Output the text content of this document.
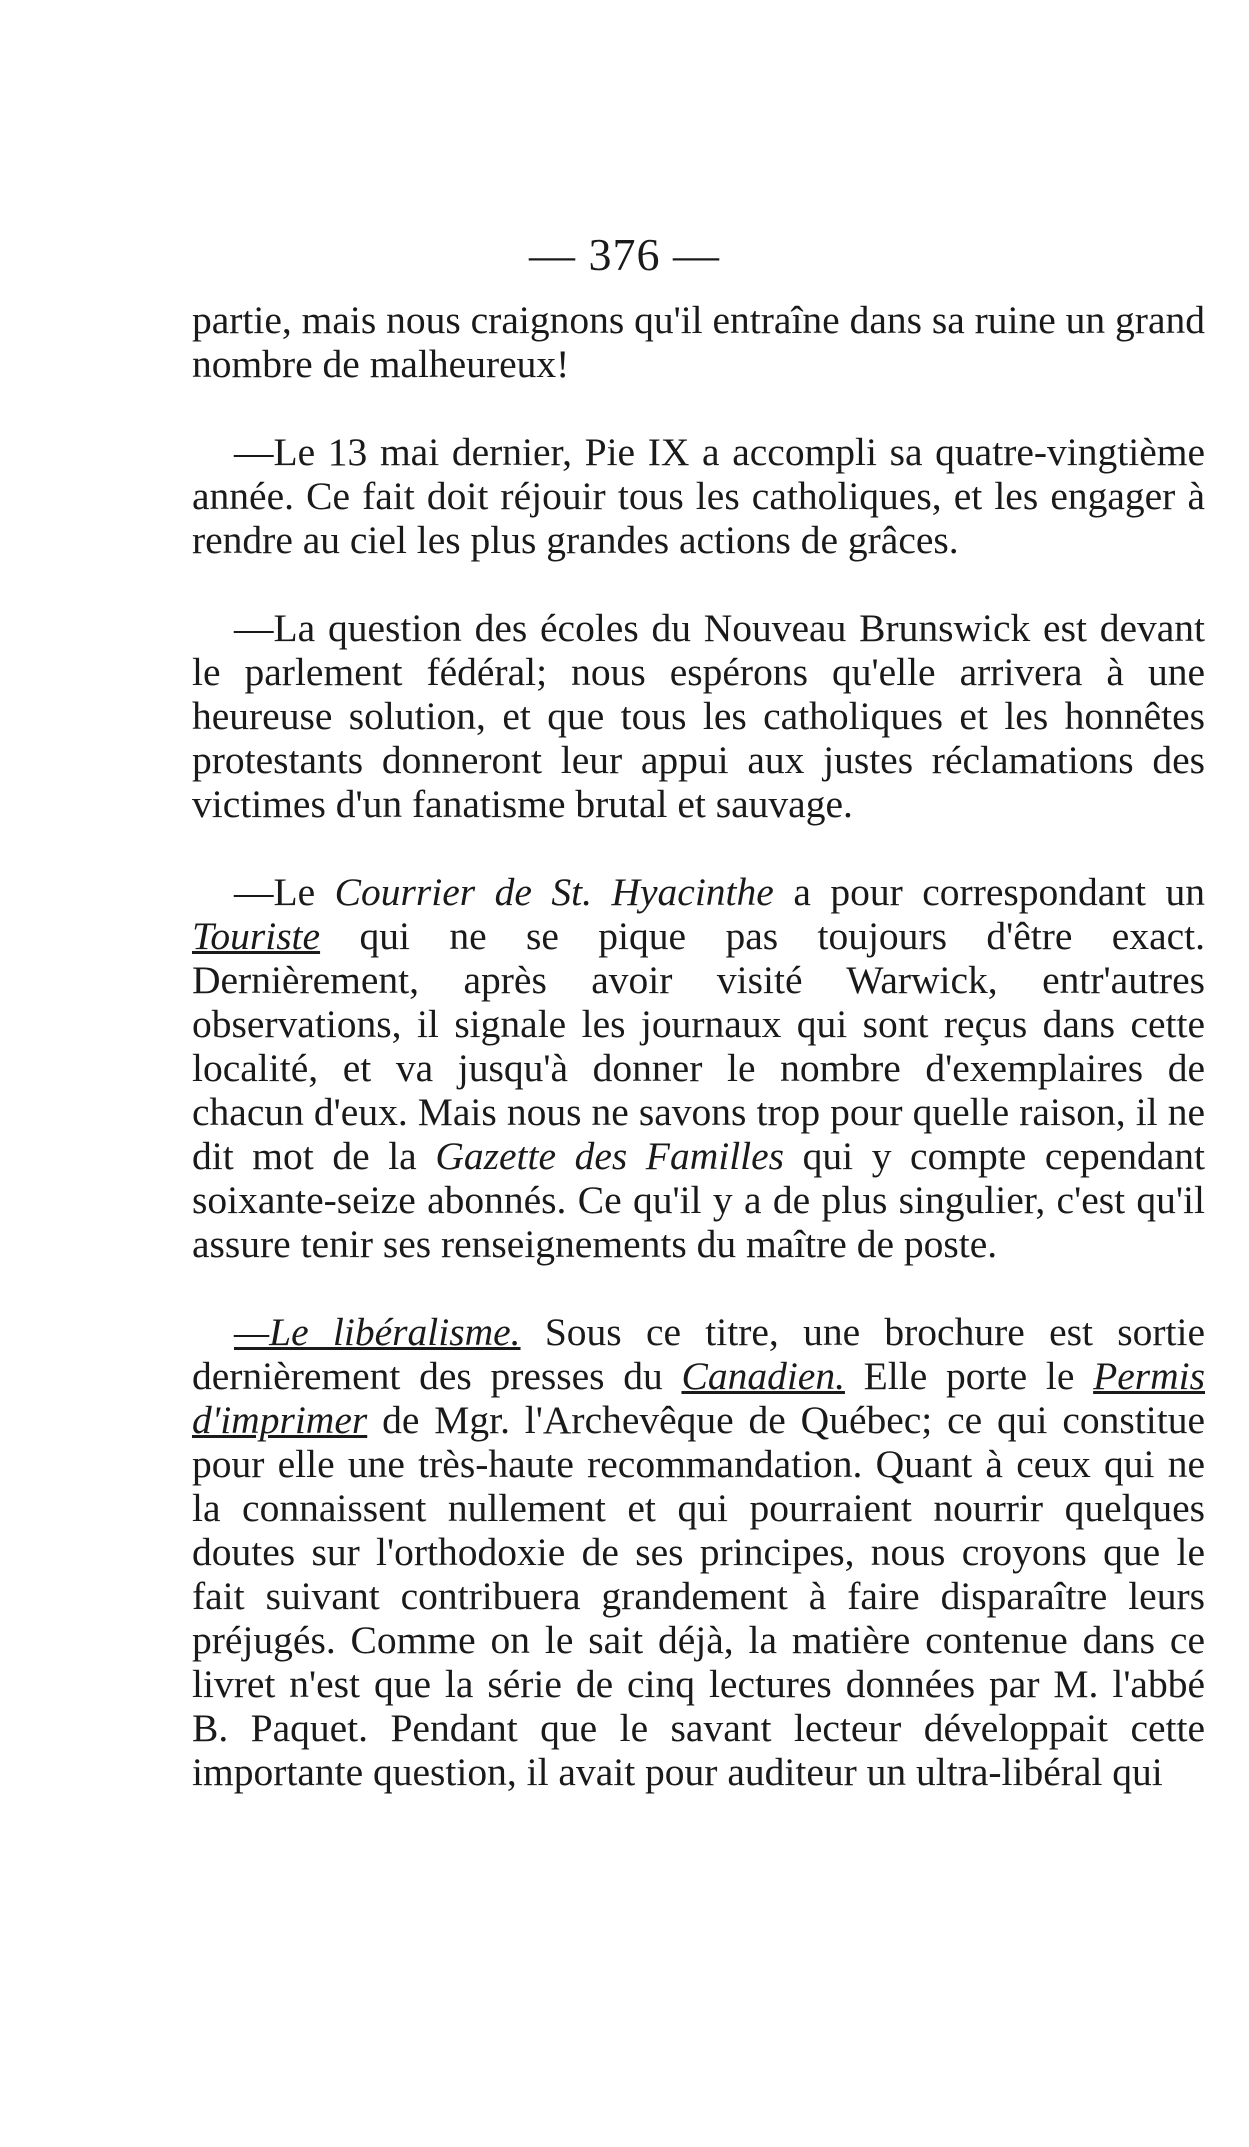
— 376 —

partie, mais nous craignons qu'il entraîne dans sa ruine un grand nombre de malheureux!

—Le 13 mai dernier, Pie IX a accompli sa quatre-vingtième année. Ce fait doit réjouir tous les catholiques, et les engager à rendre au ciel les plus grandes actions de grâces.

—La question des écoles du Nouveau Brunswick est devant le parlement fédéral; nous espérons qu'elle arrivera à une heureuse solution, et que tous les catholiques et les honnêtes protestants donneront leur appui aux justes réclamations des victimes d'un fanatisme brutal et sauvage.

—Le Courrier de St. Hyacinthe a pour correspondant un Touriste qui ne se pique pas toujours d'être exact. Dernièrement, après avoir visité Warwick, entr'autres observations, il signale les journaux qui sont reçus dans cette localité, et va jusqu'à donner le nombre d'exemplaires de chacun d'eux. Mais nous ne savons trop pour quelle raison, il ne dit mot de la Gazette des Familles qui y compte cependant soixante-seize abonnés. Ce qu'il y a de plus singulier, c'est qu'il assure tenir ses renseignements du maître de poste.

—Le libéralisme. Sous ce titre, une brochure est sortie dernièrement des presses du Canadien. Elle porte le Permis d'imprimer de Mgr. l'Archevêque de Québec; ce qui constitue pour elle une très-haute recommandation. Quant à ceux qui ne la connaissent nullement et qui pourraient nourrir quelques doutes sur l'orthodoxie de ses principes, nous croyons que le fait suivant contribuera grandement à faire disparaître leurs préjugés. Comme on le sait déjà, la matière contenue dans ce livret n'est que la série de cinq lectures données par M. l'abbé B. Paquet. Pendant que le savant lecteur développait cette importante question, il avait pour auditeur un ultra-libéral qui
